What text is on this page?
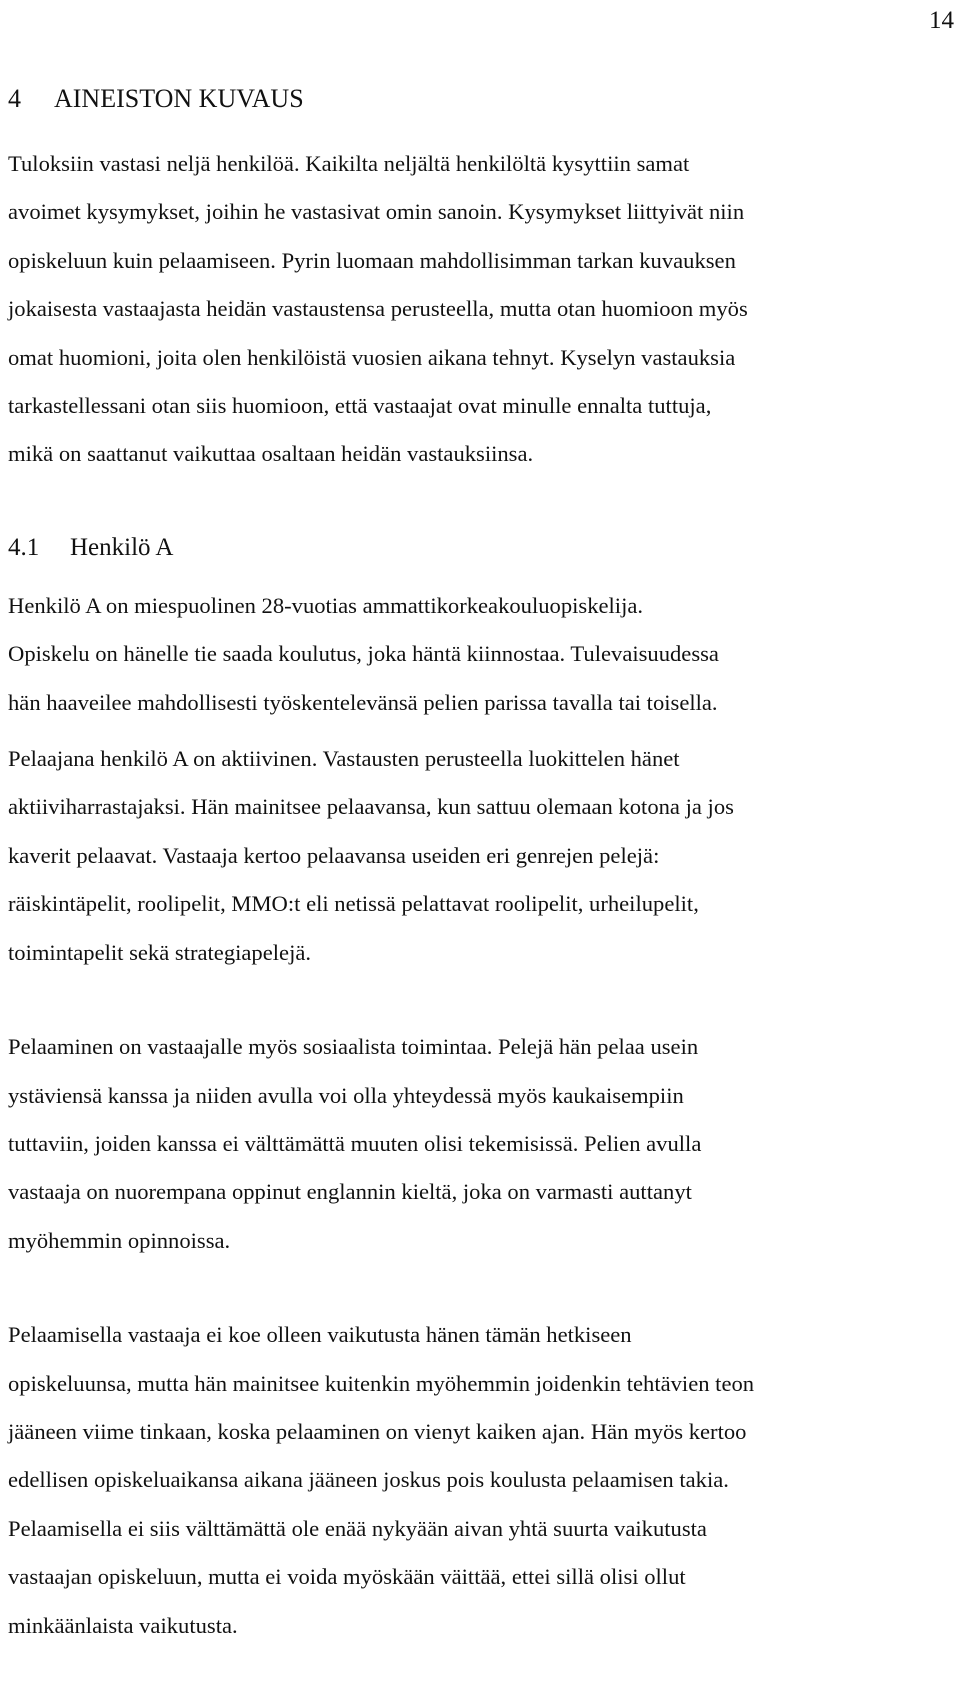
14
4 AINEISTON KUVAUS

Tuloksiin vastasi neljä henkilöä. Kaikilta neljältä henkilöltä kysyttiin samat

avoimet kysymykset, joihin he vastasivat omin sanoin. Kysymykset liittyivät niin

opiskeluun kuin pelaamiseen. Pyrin luomaan mahdollisimman tarkan kuvauksen

jokaisesta vastaajasta heidän vastaustensa perusteella, mutta otan huomioon myös

omat huomioni, joita olen henkilöistä vuosien aikana tehnyt. Kyselyn vastauksia

tarkastellessani otan siis huomioon, että vastaajat ovat minulle ennalta tuttuja,

mikä on saattanut vaikuttaa osaltaan heidän vastauksiinsa.

4.1 Henkilö A

Henkilö A on miespuolinen 28-vuotias ammattikorkeakouluopiskelija.

Opiskelu on hänelle tie saada koulutus, joka häntä kiinnostaa. Tulevaisuudessa

hän haaveilee mahdollisesti työskentelevänsä pelien parissa tavalla tai toisella.

Pelaajana henkilö A on aktiivinen. Vastausten perusteella luokittelen hänet

aktiiviharrastajaksi. Hän mainitsee pelaavansa, kun sattuu olemaan kotona ja jos

kaverit pelaavat. Vastaaja kertoo pelaavansa useiden eri genrejen pelejä:

räiskintäpelit, roolipelit, MMO:t eli netissä pelattavat roolipelit, urheilupelit,

toimintapelit sekä strategiapelejä.

Pelaaminen on vastaajalle myös sosiaalista toimintaa. Pelejä hän pelaa usein

ystäviensä kanssa ja niiden avulla voi olla yhteydessä myös kaukaisempiin

tuttaviin, joiden kanssa ei välttämättä muuten olisi tekemisissä. Pelien avulla

vastaaja on nuorempana oppinut englannin kieltä, joka on varmasti auttanyt

myöhemmin opinnoissa.

Pelaamisella vastaaja ei koe olleen vaikutusta hänen tämän hetkiseen

opiskeluunsa, mutta hän mainitsee kuitenkin myöhemmin joidenkin tehtävien teon

jääneen viime tinkaan, koska pelaaminen on vienyt kaiken ajan. Hän myös kertoo

edellisen opiskeluaikansa aikana jääneen joskus pois koulusta pelaamisen takia.

Pelaamisella ei siis välttämättä ole enää nykyään aivan yhtä suurta vaikutusta

vastaajan opiskeluun, mutta ei voida myöskään väittää, ettei sillä olisi ollut

minkäänlaista vaikutusta.
